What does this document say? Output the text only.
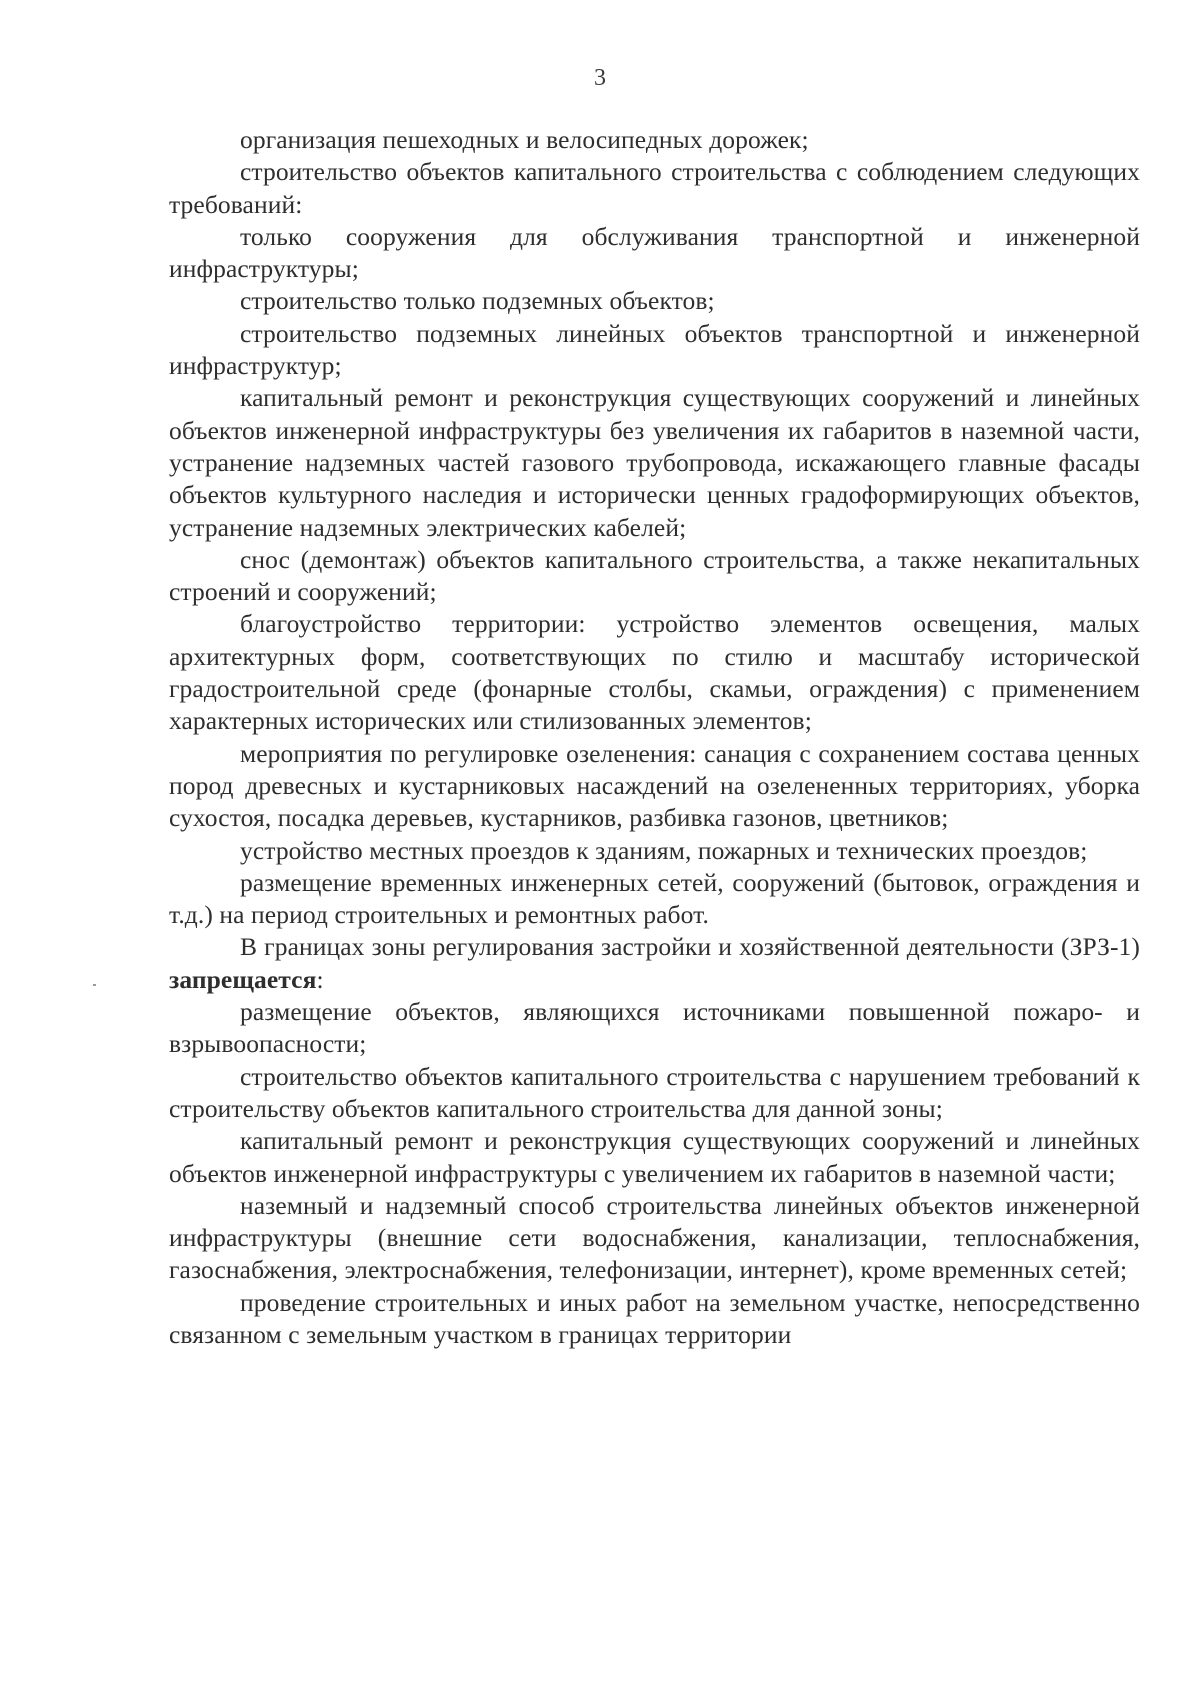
3

организация пешеходных и велосипедных дорожек;

строительство объектов капитального строительства с соблюдением следующих требований:

только сооружения для обслуживания транспортной и инженерной инфраструктуры;

строительство только подземных объектов;

строительство подземных линейных объектов транспортной и инженерной инфраструктур;

капитальный ремонт и реконструкция существующих сооружений и линейных объектов инженерной инфраструктуры без увеличения их габаритов в наземной части, устранение надземных частей газового трубопровода, искажающего главные фасады объектов культурного наследия и исторически ценных градоформирующих объектов, устранение надземных электрических кабелей;

снос (демонтаж) объектов капитального строительства, а также некапитальных строений и сооружений;

благоустройство территории: устройство элементов освещения, малых архитектурных форм, соответствующих по стилю и масштабу исторической градостроительной среде (фонарные столбы, скамьи, ограждения) с применением характерных исторических или стилизованных элементов;

мероприятия по регулировке озеленения: санация с сохранением состава ценных пород древесных и кустарниковых насаждений на озелененных территориях, уборка сухостоя, посадка деревьев, кустарников, разбивка газонов, цветников;

устройство местных проездов к зданиям, пожарных и технических проездов;

размещение временных инженерных сетей, сооружений (бытовок, ограждения и т.д.) на период строительных и ремонтных работ.

В границах зоны регулирования застройки и хозяйственной деятельности (ЗРЗ-1) запрещается:

размещение объектов, являющихся источниками повышенной пожаро- и взрывоопасности;

строительство объектов капитального строительства с нарушением требований к строительству объектов капитального строительства для данной зоны;

капитальный ремонт и реконструкция существующих сооружений и линейных объектов инженерной инфраструктуры с увеличением их габаритов в наземной части;

наземный и надземный способ строительства линейных объектов инженерной инфраструктуры (внешние сети водоснабжения, канализации, теплоснабжения, газоснабжения, электроснабжения, телефонизации, интернет), кроме временных сетей;

проведение строительных и иных работ на земельном участке, непосредственно связанном с земельным участком в границах территории
